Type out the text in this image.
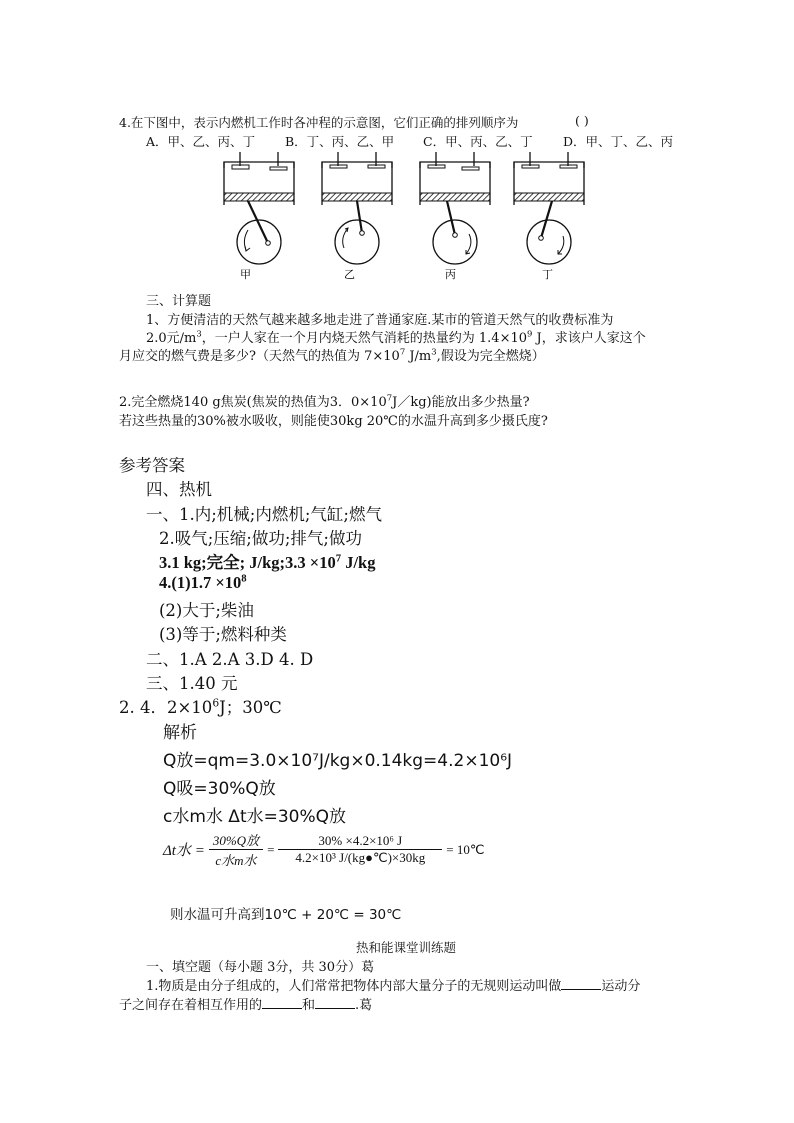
4.在下图中，表示内燃机工作时各冲程的示意图，它们正确的排列顺序为	( )
A．甲、乙、丙、丁 B．丁、丙、乙、甲 C．甲、丙、乙、丁 D．甲、丁、乙、丙
甲	乙	丙	丁
三、计算题
1、方便清洁的天然气越来越多地走进了普通家庭.某市的管道天然气的收费标准为
2.0元$/m^3$，一户人家在一个月内烧天然气消耗的热量约为 $1.4\times 10^9$ J，求该户人家这个
月应交的燃气费是多少?（天然气的热值为 $7\times 10^7$ $J/m^3$,假设为完全燃烧）
2.完全燃烧140 g焦炭(焦炭的热值为3．$0\times 10^7J/kg$)能放出多少热量?
若这些热量的30%被水吸收，则能使30kg 20℃的水温升高到多少摄氏度?
参考答案
四、热机
一、1.内;机械;内燃机;气缸;燃气
2.吸气;压缩;做功;排气;做功
3.1 kg;完全; J/kg;3.3 $\times 10^7$ J/kg
$4.(1)1.7 \times 10^8$
(2)大于;柴油
(3)等于;燃料种类
二、1.A 2.A 3.D 4. D
三、1.40 元
2. 4．$2\times 10^6J$；30℃
解析
Q放=qm=3.0×10⁷J/kg×0.14kg=4.2×10⁶J
Q吸=30%Q放
c水m水 Δt水=30%Q放
Δt水 = $\frac{\text{30\%Q放}}{\text{c水m水}} = \frac{\text{30\% ×4.2×10⁶ J}}{\text{4.2×10³ J/(kg●℃)×30kg}}$ = 10℃
则水温可升高到10℃ + 20℃ = 30℃
热和能课堂训练题
一、填空题（每小题 3分，共 30分）葛
1.物质是由分子组成的，人们常常把物体内部大量分子的无规则运动叫做	运动分
子之间存在着相互作用的	和	.葛
